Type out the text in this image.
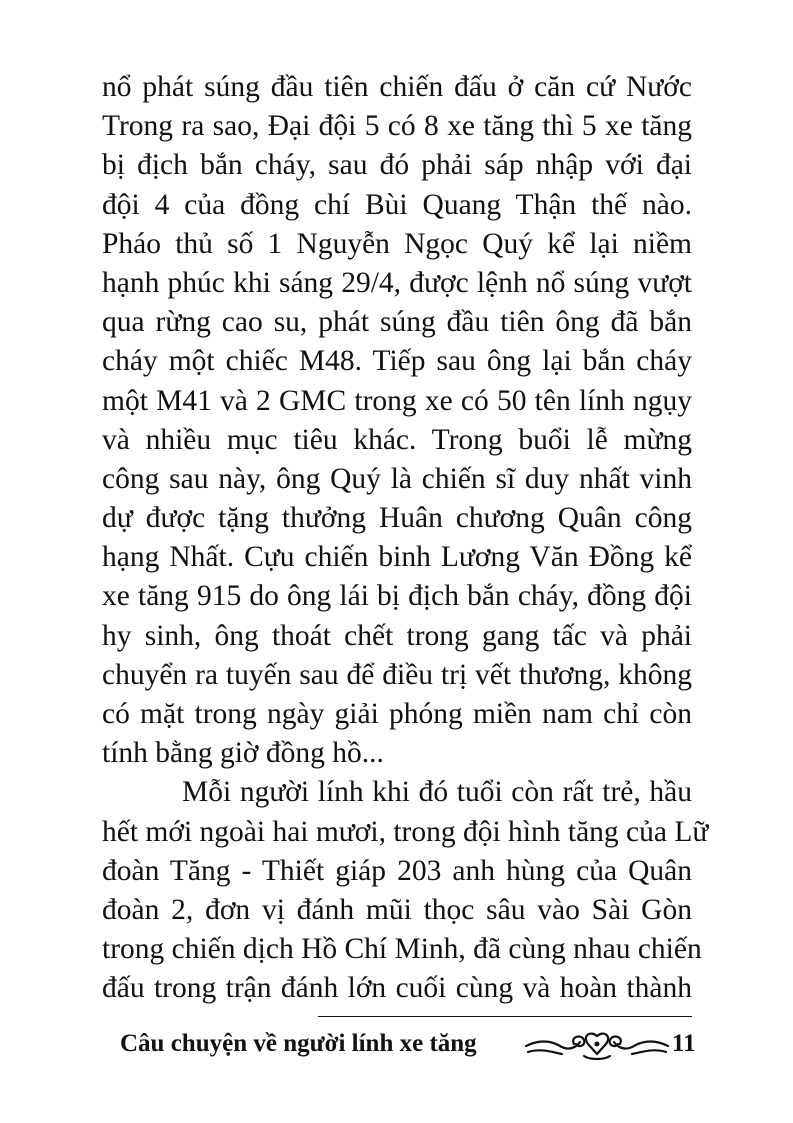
nổ phát súng đầu tiên chiến đấu ở căn cứ Nước
Trong ra sao, Đại đội 5 có 8 xe tăng thì 5 xe tăng
bị địch bắn cháy, sau đó phải sáp nhập với đại
đội 4 của đồng chí Bùi Quang Thận thế nào.
Pháo thủ số 1 Nguyễn Ngọc Quý kể lại niềm
hạnh phúc khi sáng 29/4, được lệnh nổ súng vượt
qua rừng cao su, phát súng đầu tiên ông đã bắn
cháy một chiếc M48. Tiếp sau ông lại bắn cháy
một M41 và 2 GMC trong xe có 50 tên lính ngụy
và nhiều mục tiêu khác. Trong buổi lễ mừng
công sau này, ông Quý là chiến sĩ duy nhất vinh
dự được tặng thưởng Huân chương Quân công
hạng Nhất. Cựu chiến binh Lương Văn Đồng kể
xe tăng 915 do ông lái bị địch bắn cháy, đồng đội
hy sinh, ông thoát chết trong gang tấc và phải
chuyển ra tuyến sau để điều trị vết thương, không
có mặt trong ngày giải phóng miền nam chỉ còn
tính bằng giờ đồng hồ...
Mỗi người lính khi đó tuổi còn rất trẻ, hầu
hết mới ngoài hai mươi, trong đội hình tăng của Lữ
đoàn Tăng - Thiết giáp 203 anh hùng của Quân
đoàn 2, đơn vị đánh mũi thọc sâu vào Sài Gòn
trong chiến dịch Hồ Chí Minh, đã cùng nhau chiến
đấu trong trận đánh lớn cuối cùng và hoàn thành
Câu chuyện về người lính xe tăng	11
